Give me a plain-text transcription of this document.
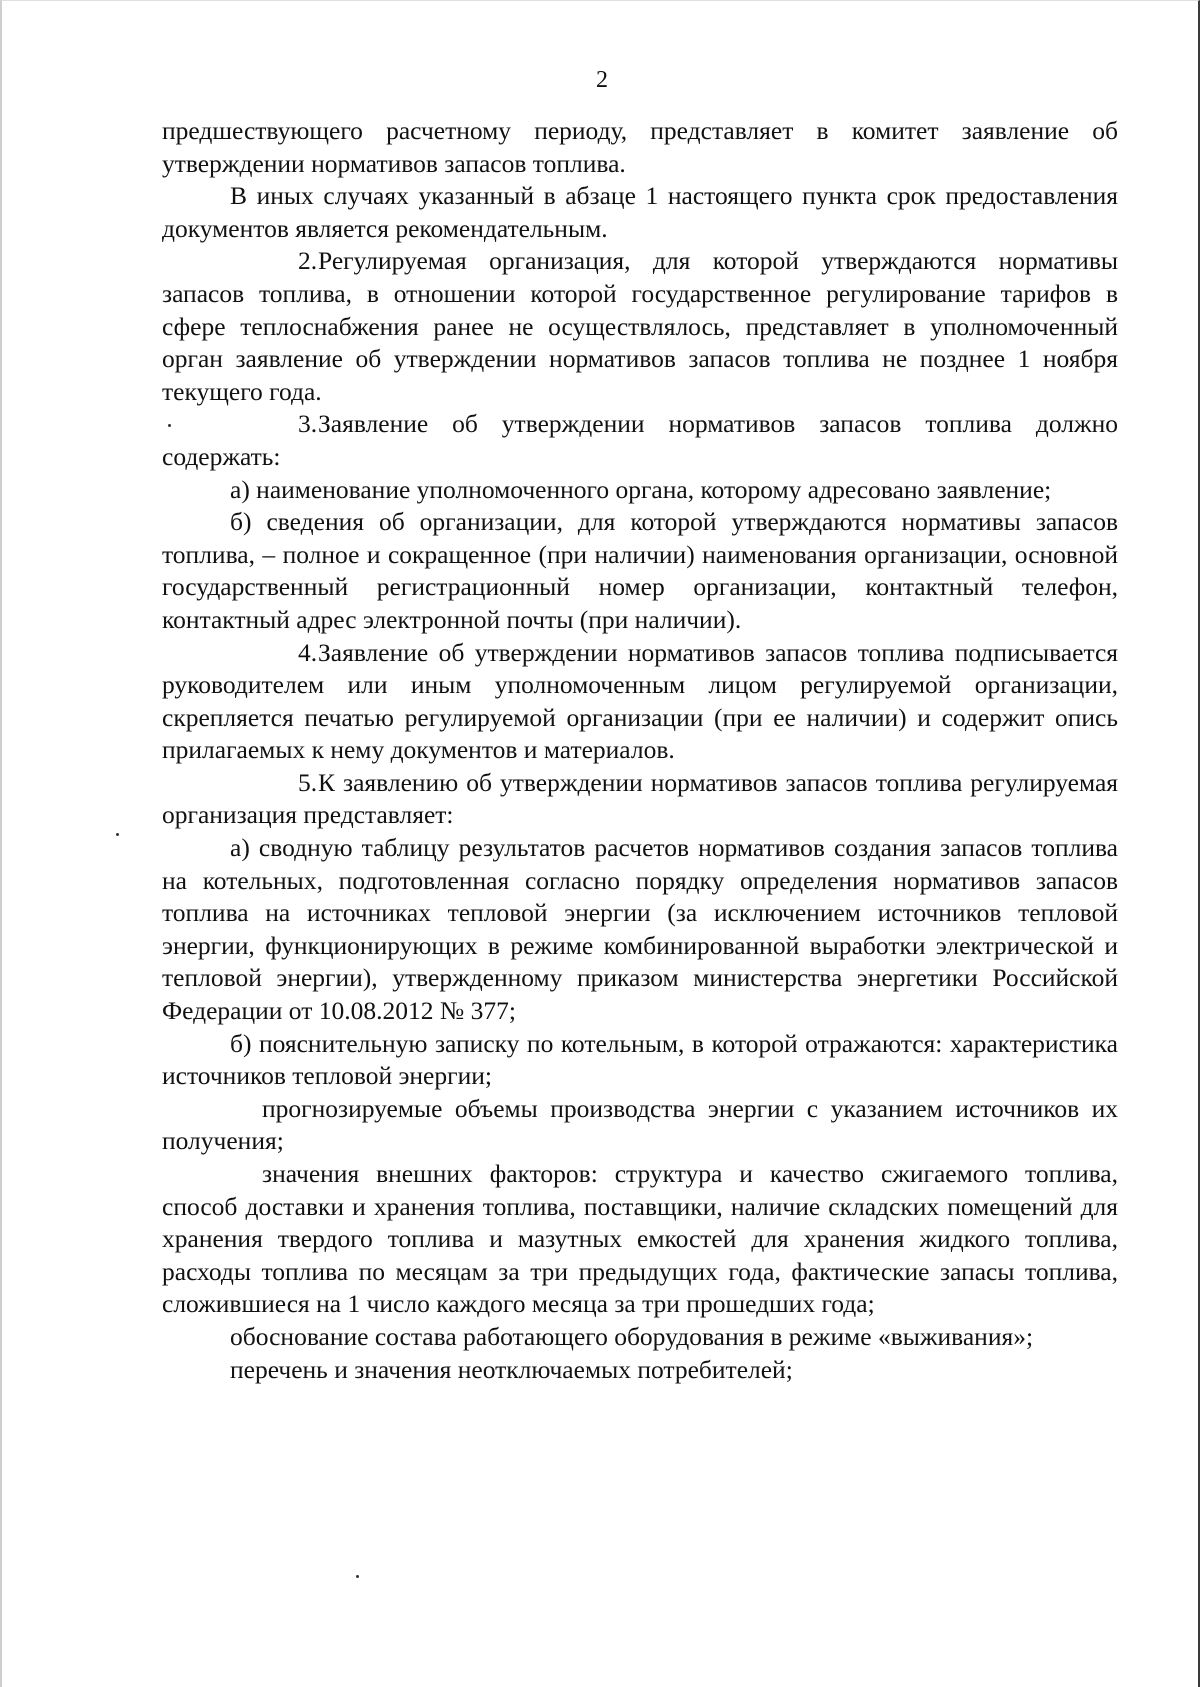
2

предшествующего расчетному периоду, представляет в комитет заявление об утверждении нормативов запасов топлива.

В иных случаях указанный в абзаце 1 настоящего пункта срок предоставления документов является рекомендательным.

2.Регулируемая организация, для которой утверждаются нормативы запасов топлива, в отношении которой государственное регулирование тарифов в сфере теплоснабжения ранее не осуществлялось, представляет в уполномоченный орган заявление об утверждении нормативов запасов топлива не позднее 1 ноября текущего года.

3.Заявление об утверждении нормативов запасов топлива должно содержать:

а) наименование уполномоченного органа, которому адресовано заявление;

б) сведения об организации, для которой утверждаются нормативы запасов топлива, – полное и сокращенное (при наличии) наименования организации, основной государственный регистрационный номер организации, контактный телефон, контактный адрес электронной почты (при наличии).

4.Заявление об утверждении нормативов запасов топлива подписывается руководителем или иным уполномоченным лицом регулируемой организации, скрепляется печатью регулируемой организации (при ее наличии) и содержит опись прилагаемых к нему документов и материалов.

5.К заявлению об утверждении нормативов запасов топлива регулируемая организация представляет:

а) сводную таблицу результатов расчетов нормативов создания запасов топлива на котельных, подготовленная согласно порядку определения нормативов запасов топлива на источниках тепловой энергии (за исключением источников тепловой энергии, функционирующих в режиме комбинированной выработки электрической и тепловой энергии), утвержденному приказом министерства энергетики Российской Федерации от 10.08.2012 № 377;

б) пояснительную записку по котельным, в которой отражаются: характеристика источников тепловой энергии;

прогнозируемые объемы производства энергии с указанием источников их получения;

значения внешних факторов: структура и качество сжигаемого топлива, способ доставки и хранения топлива, поставщики, наличие складских помещений для хранения твердого топлива и мазутных емкостей для хранения жидкого топлива, расходы топлива по месяцам за три предыдущих года, фактические запасы топлива, сложившиеся на 1 число каждого месяца за три прошедших года;

обоснование состава работающего оборудования в режиме «выживания»;

перечень и значения неотключаемых потребителей;
